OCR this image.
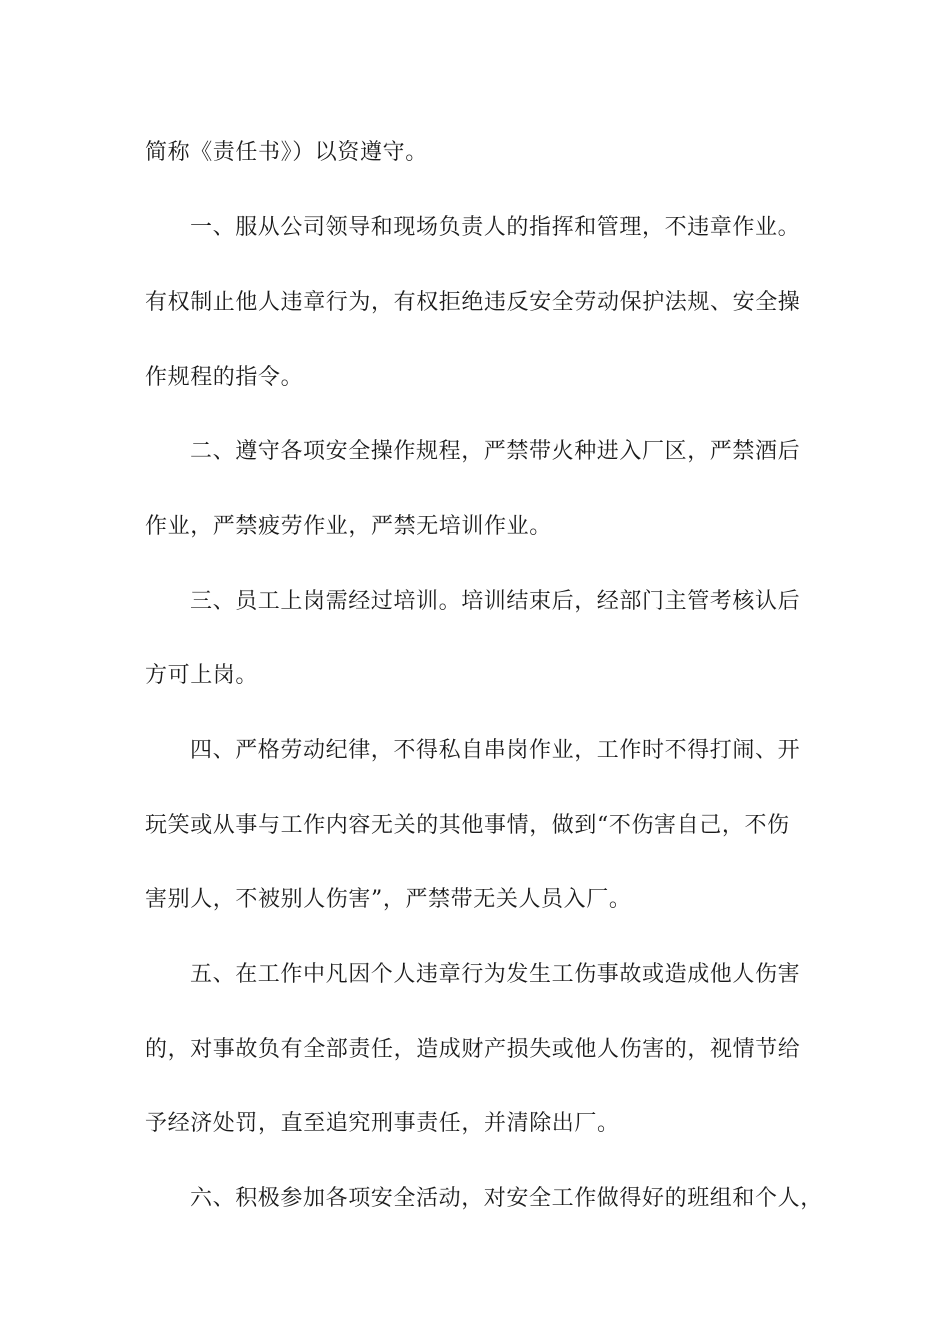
简称《责任书》）以资遵守。
一、服从公司领导和现场负责人的指挥和管理，不违章作业。
有权制止他人违章行为，有权拒绝违反安全劳动保护法规、安全操
作规程的指令。
二、遵守各项安全操作规程，严禁带火种进入厂区，严禁酒后
作业，严禁疲劳作业，严禁无培训作业。
三、员工上岗需经过培训。培训结束后，经部门主管考核认后
方可上岗。
四、严格劳动纪律，不得私自串岗作业，工作时不得打闹、开
玩笑或从事与工作内容无关的其他事情，做到“不伤害自己，不伤
害别人，不被别人伤害”，严禁带无关人员入厂。
五、在工作中凡因个人违章行为发生工伤事故或造成他人伤害
的，对事故负有全部责任，造成财产损失或他人伤害的，视情节给
予经济处罚，直至追究刑事责任，并清除出厂。
六、积极参加各项安全活动，对安全工作做得好的班组和个人，
